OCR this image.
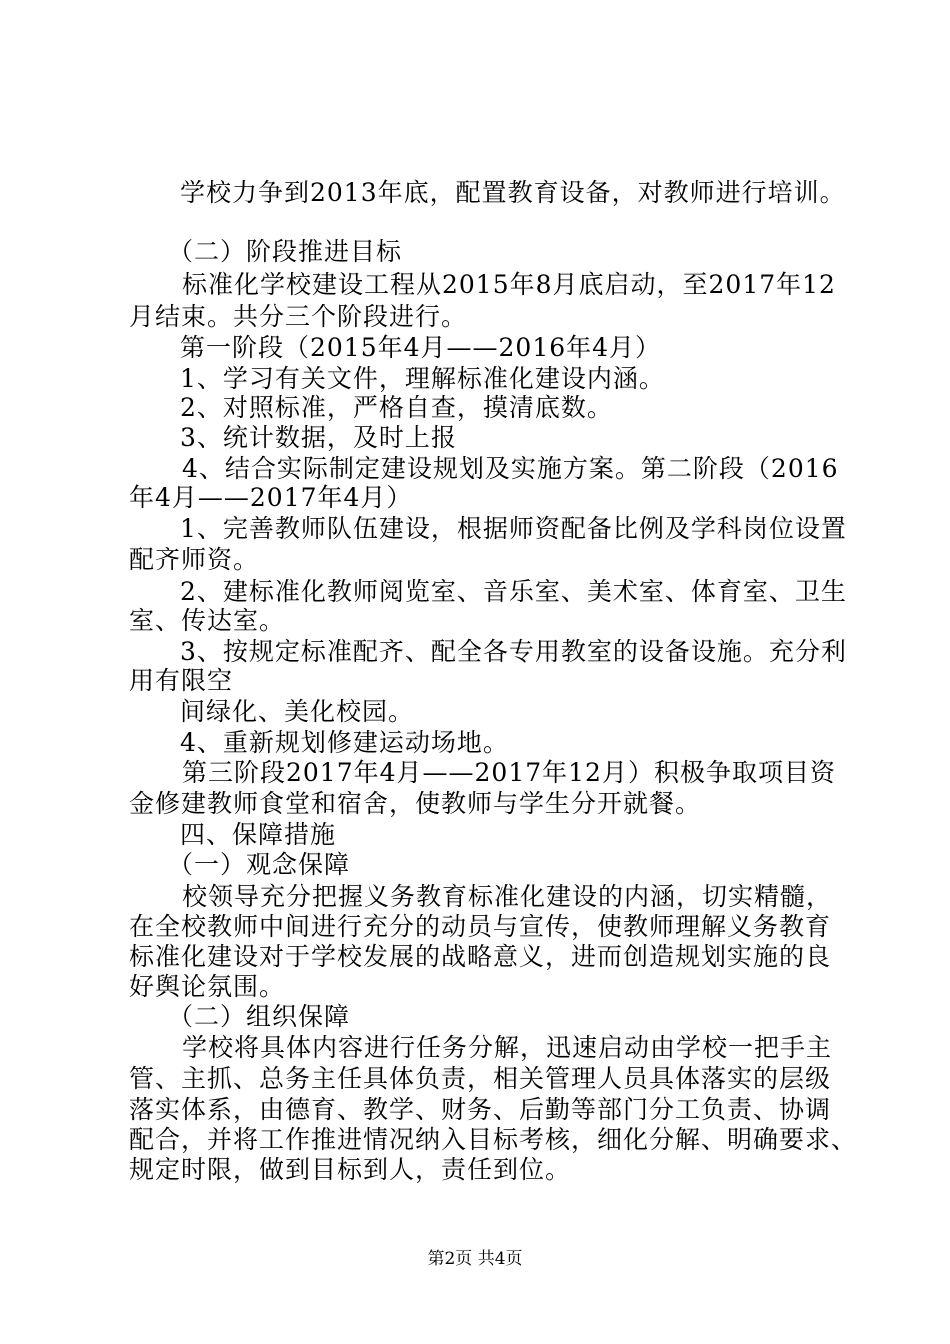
学校力争到2013年底，配置教育设备，对教师进行培训。
（二）阶段推进目标
标准化学校建设工程从2015年8月底启动，至2017年12
月结束。共分三个阶段进行。
第一阶段（2015年4月——2016年4月）
1、学习有关文件，理解标准化建设内涵。
2、对照标准，严格自查，摸清底数。
3、统计数据，及时上报
4、结合实际制定建设规划及实施方案。第二阶段（2016
年4月——2017年4月）
1、完善教师队伍建设，根据师资配备比例及学科岗位设置
配齐师资。
2、建标准化教师阅览室、音乐室、美术室、体育室、卫生
室、传达室。
3、按规定标准配齐、配全各专用教室的设备设施。充分利
用有限空
间绿化、美化校园。
4、重新规划修建运动场地。
第三阶段2017年4月——2017年12月）积极争取项目资
金修建教师食堂和宿舍，使教师与学生分开就餐。
四、保障措施
（一）观念保障
校领导充分把握义务教育标准化建设的内涵，切实精髓，
在全校教师中间进行充分的动员与宣传，使教师理解义务教育
标准化建设对于学校发展的战略意义，进而创造规划实施的良
好舆论氛围。
（二）组织保障
学校将具体内容进行任务分解，迅速启动由学校一把手主
管、主抓、总务主任具体负责，相关管理人员具体落实的层级
落实体系，由德育、教学、财务、后勤等部门分工负责、协调
配合，并将工作推进情况纳入目标考核，细化分解、明确要求、
规定时限，做到目标到人，责任到位。
第2页 共4页
